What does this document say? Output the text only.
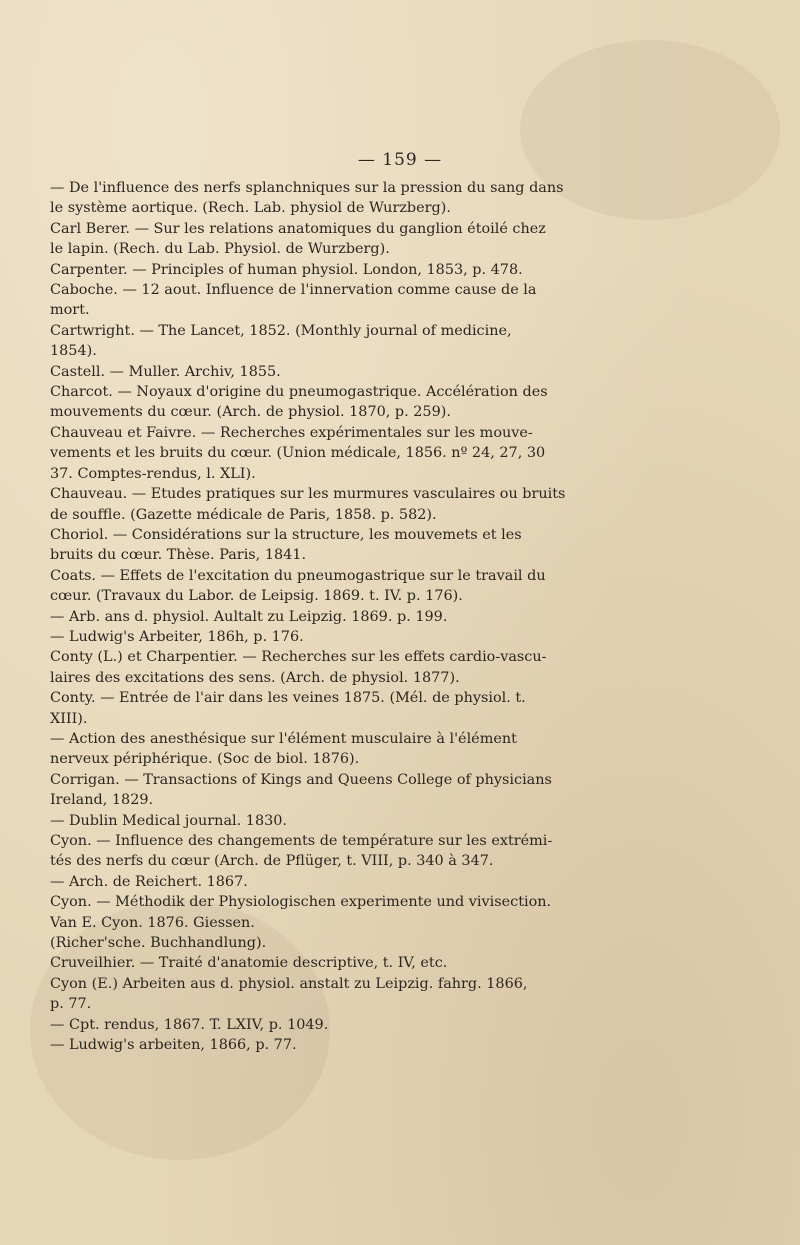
— 159 —
— De l'influence des nerfs splanchniques sur la pression du sang dans
le système aortique. (Rech. Lab. physiol de Wurzberg).
Carl Berer. — Sur les relations anatomiques du ganglion étoilé chez
le lapin. (Rech. du Lab. Physiol. de Wurzberg).
Carpenter. — Principles of human physiol. London, 1853, p. 478.
Caboche. — 12 aout. Influence de l'innervation comme cause de la
mort.
Cartwright. — The Lancet, 1852. (Monthly journal of medicine,
1854).
Castell. — Muller. Archiv, 1855.
Charcot. — Noyaux d'origine du pneumogastrique. Accélération des
mouvements du cœur. (Arch. de physiol. 1870, p. 259).
Chauveau et Faivre. — Recherches expérimentales sur les mouve-
vements et les bruits du cœur. (Union médicale, 1856. nº 24, 27, 30
37. Comptes-rendus, l. XLI).
Chauveau. — Etudes pratiques sur les murmures vasculaires ou bruits
de souffle. (Gazette médicale de Paris, 1858. p. 582).
Choriol. — Considérations sur la structure, les mouvemets et les
bruits du cœur. Thèse. Paris, 1841.
Coats. — Effets de l'excitation du pneumogastrique sur le travail du
cœur. (Travaux du Labor. de Leipsig. 1869. t. IV. p. 176).
— Arb. ans d. physiol. Aultalt zu Leipzig. 1869. p. 199.
— Ludwig's Arbeiter, 186h, p. 176.
Conty (L.) et Charpentier. — Recherches sur les effets cardio-vascu-
laires des excitations des sens. (Arch. de physiol. 1877).
Conty. — Entrée de l'air dans les veines 1875. (Mél. de physiol. t.
XIII).
— Action des anesthésique sur l'élément musculaire à l'élément
nerveux périphérique. (Soc de biol. 1876).
Corrigan. — Transactions of Kings and Queens College of physicians
Ireland, 1829.
— Dublin Medical journal. 1830.
Cyon. — Influence des changements de température sur les extrémi-
tés des nerfs du cœur (Arch. de Pflüger, t. VIII, p. 340 à 347.
— Arch. de Reichert. 1867.
Cyon. — Méthodik der Physiologischen experimente und vivisection.
Van E. Cyon. 1876. Giessen.
(Richer'sche. Buchhandlung).
Cruveilhier. — Traité d'anatomie descriptive, t. IV, etc.
Cyon (E.) Arbeiten aus d. physiol. anstalt zu Leipzig. fahrg. 1866,
p. 77.
— Cpt. rendus, 1867. T. LXIV, p. 1049.
— Ludwig's arbeiten, 1866, p. 77.
